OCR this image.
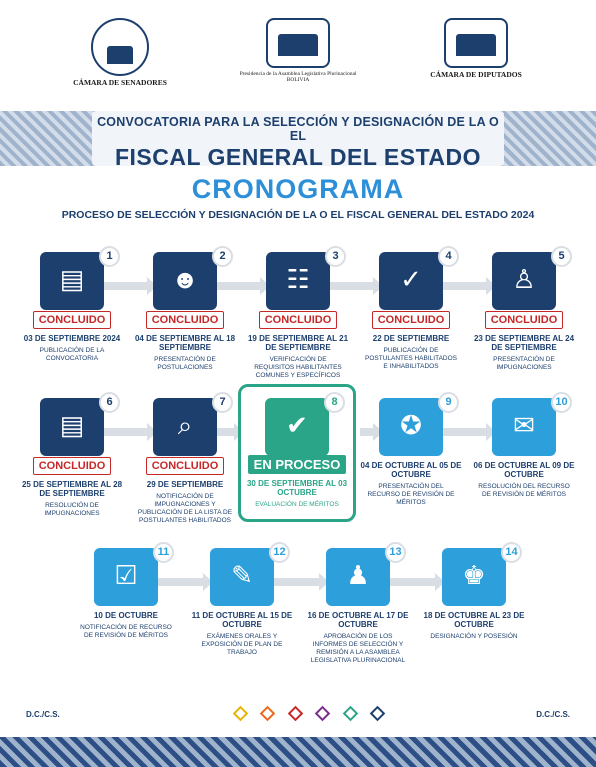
CÁMARA DE SENADORES
Presidencia de la Asamblea Legislativa Plurinacional BOLIVIA
CÁMARA DE DIPUTADOS
CONVOCATORIA PARA LA SELECCIÓN Y DESIGNACIÓN DE LA O EL
FISCAL GENERAL DEL ESTADO
CRONOGRAMA
PROCESO DE SELECCIÓN Y DESIGNACIÓN DE LA O EL FISCAL GENERAL DEL ESTADO 2024
▤
1
CONCLUIDO
03 DE SEPTIEMBRE 2024
PUBLICACIÓN DE LA CONVOCATORIA
☻
2
CONCLUIDO
04 DE SEPTIEMBRE AL 18 SEPTIEMBRE
PRESENTACIÓN DE POSTULACIONES
☷
3
CONCLUIDO
19 DE SEPTIEMBRE AL 21 DE SEPTIEMBRE
VERIFICACIÓN DE REQUISITOS HABILITANTES COMUNES Y ESPECÍFICOS
✓
4
CONCLUIDO
22 DE SEPTIEMBRE
PUBLICACIÓN DE POSTULANTES HABILITADOS E INHABILITADOS
♙
5
CONCLUIDO
23 DE SEPTIEMBRE AL 24 DE SEPTIEMBRE
PRESENTACIÓN DE IMPUGNACIONES
▤
6
CONCLUIDO
25 DE SEPTIEMBRE AL 28 DE SEPTIEMBRE
RESOLUCIÓN DE IMPUGNACIONES
⌕
7
CONCLUIDO
29 DE SEPTIEMBRE
NOTIFICACIÓN DE IMPUGNACIONES Y PUBLICACIÓN DE LA LISTA DE POSTULANTES HABILITADOS
✔
8
EN PROCESO
30 DE SEPTIEMBRE AL 03 OCTUBRE
EVALUACIÓN DE MÉRITOS
✪
9
04 DE OCTUBRE AL 05 DE OCTUBRE
PRESENTACIÓN DEL RECURSO DE REVISIÓN DE MÉRITOS
✉
10
06 DE OCTUBRE AL 09 DE OCTUBRE
RESOLUCIÓN DEL RECURSO DE REVISIÓN DE MÉRITOS
☑
11
10 DE OCTUBRE
NOTIFICACIÓN DE RECURSO DE REVISIÓN DE MÉRITOS
✎
12
11 DE OCTUBRE AL 15 DE OCTUBRE
EXÁMENES ORALES Y EXPOSICIÓN DE PLAN DE TRABAJO
♟
13
16 DE OCTUBRE AL 17 DE OCTUBRE
APROBACIÓN DE LOS INFORMES DE SELECCIÓN Y REMISIÓN A LA ASAMBLEA LEGISLATIVA PLURINACIONAL
♚
14
18 DE OCTUBRE AL 23 DE OCTUBRE
DESIGNACIÓN Y POSESIÓN
D.C./C.S.	D.C./C.S.
